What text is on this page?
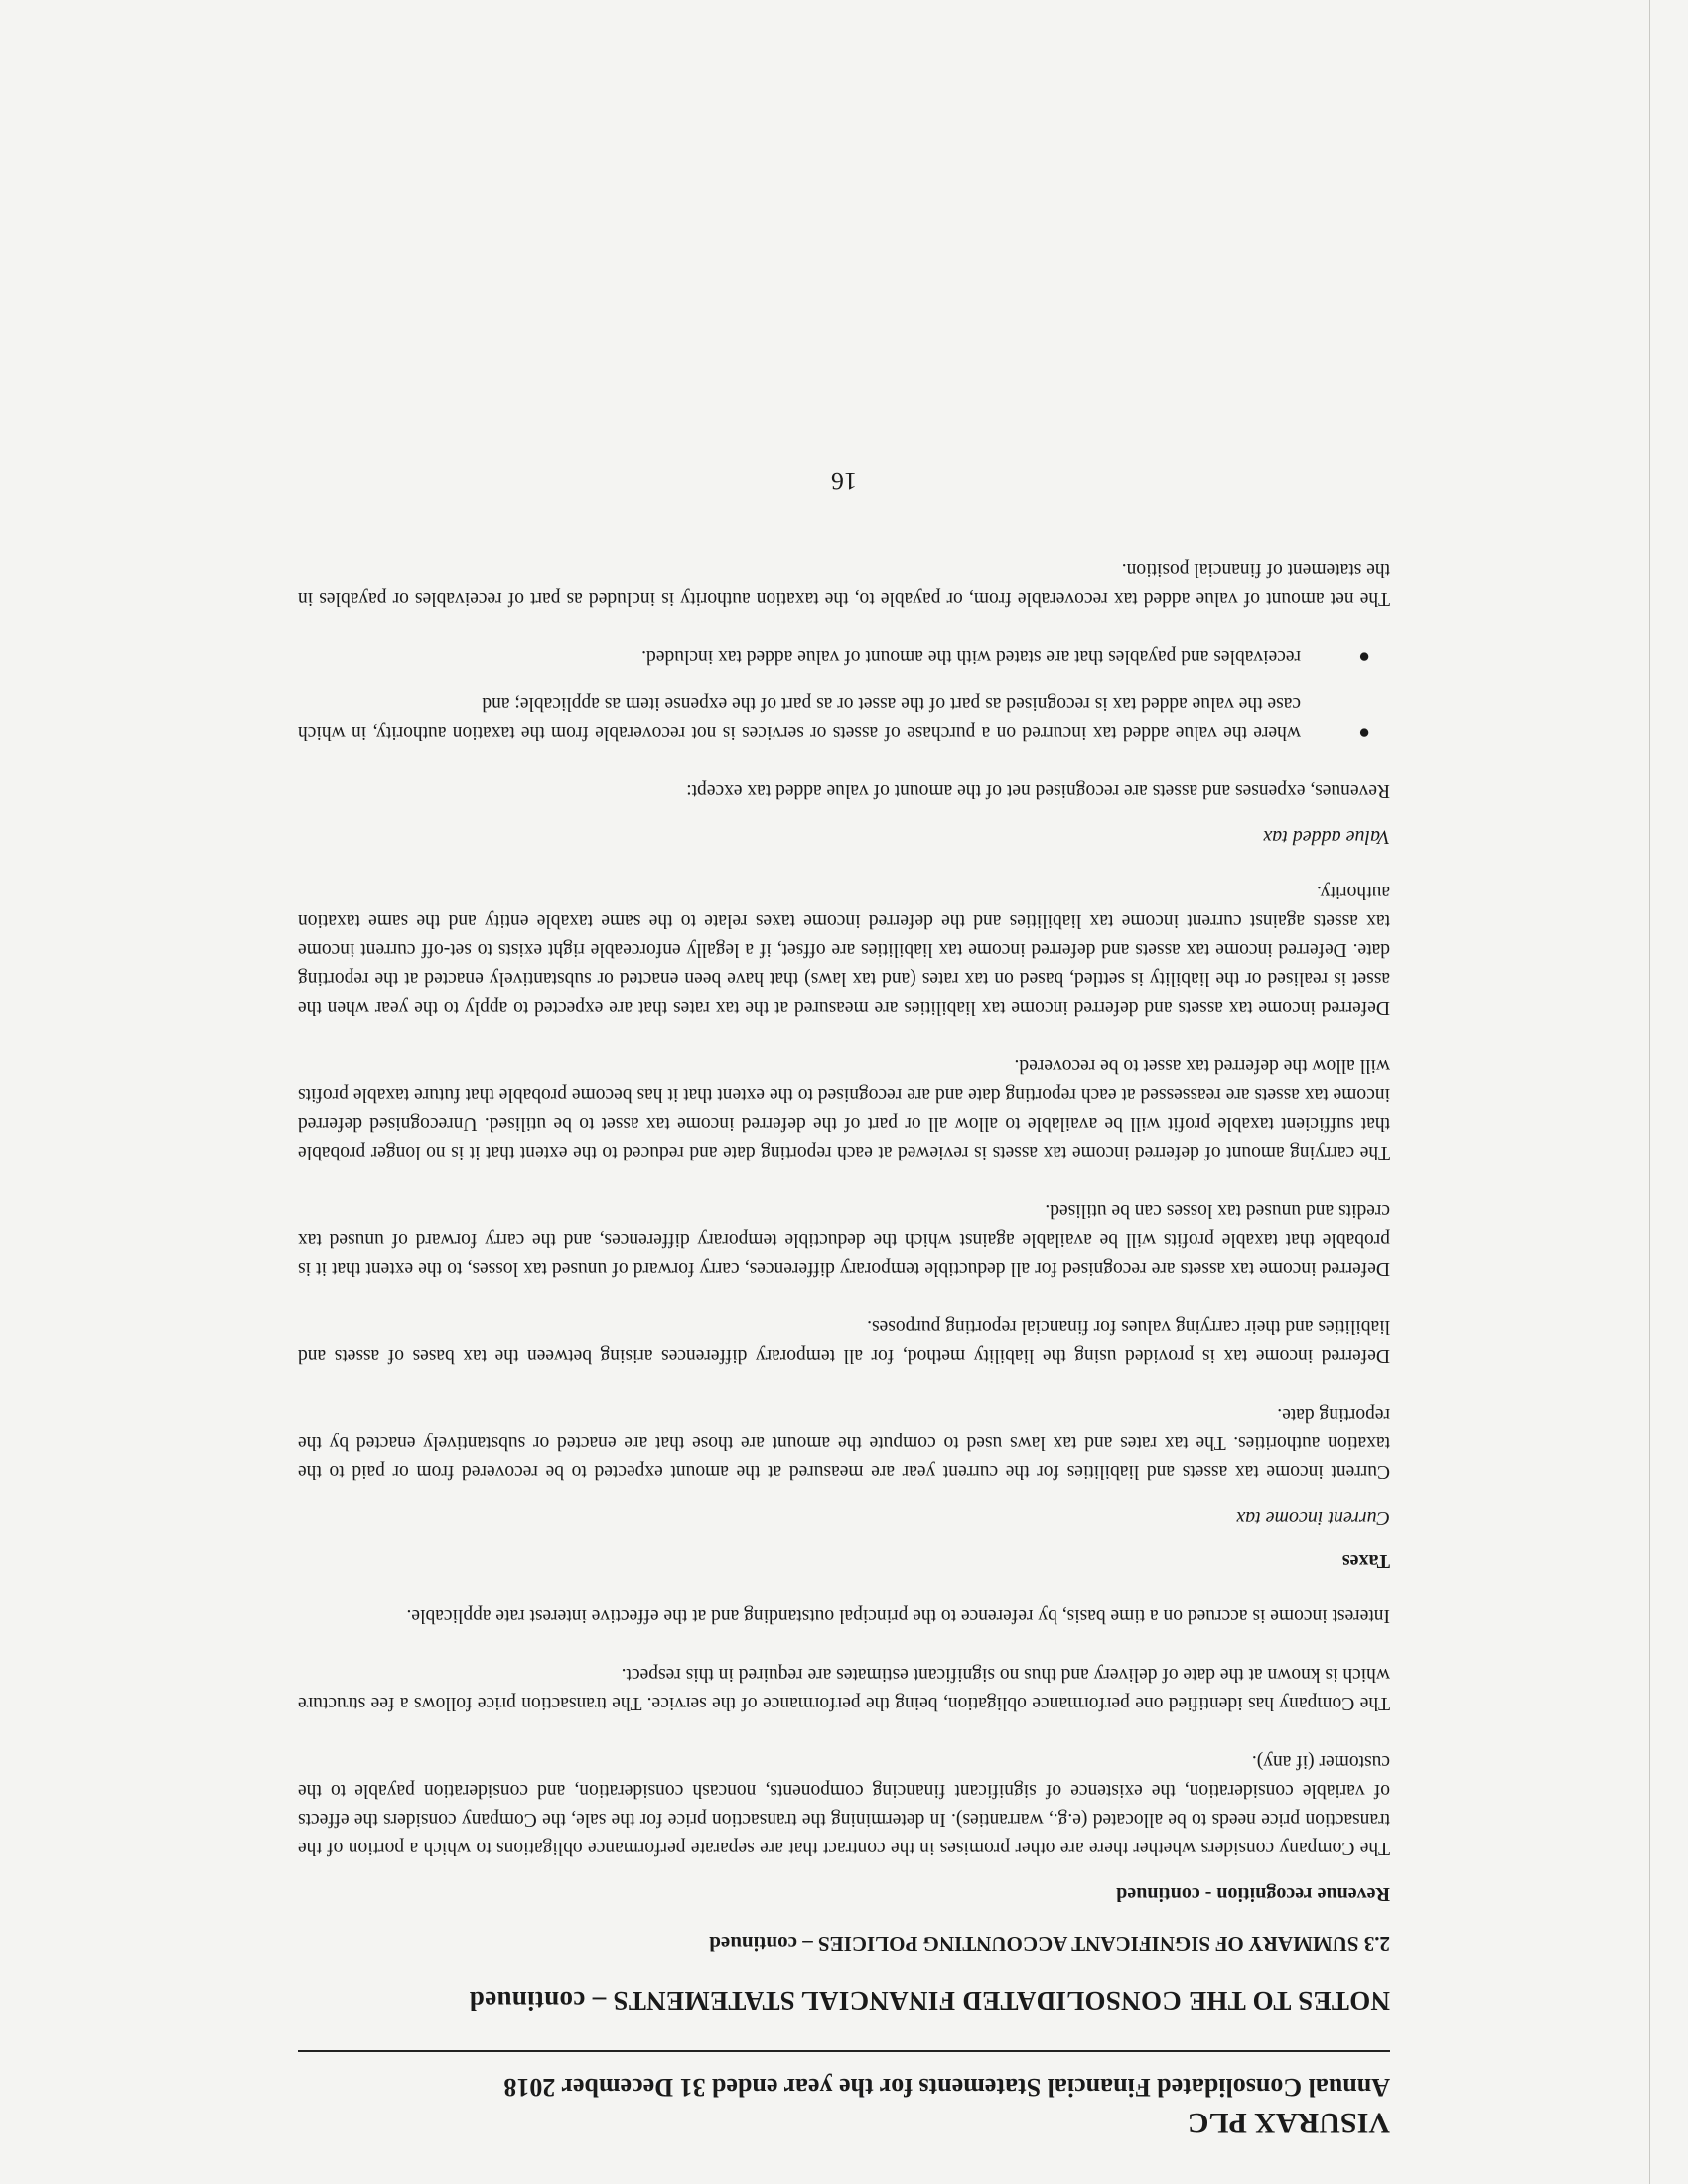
VISURAX PLC
Annual Consolidated Financial Statements for the year ended 31 December 2018
NOTES TO THE CONSOLIDATED FINANCIAL STATEMENTS – continued
2.3 SUMMARY OF SIGNIFICANT ACCOUNTING POLICIES – continued
Revenue recognition - continued

The Company considers whether there are other promises in the contract that are separate performance obligations to which a portion of the transaction price needs to be allocated (e.g., warranties). In determining the transaction price for the sale, the Company considers the effects of variable consideration, the existence of significant financing components, noncash consideration, and consideration payable to the customer (if any).

The Company has identified one performance obligation, being the performance of the service. The transaction price follows a fee structure which is known at the date of delivery and thus no significant estimates are required in this respect.

Interest income is accrued on a time basis, by reference to the principal outstanding and at the effective interest rate applicable.

Taxes
Current income tax

Current income tax assets and liabilities for the current year are measured at the amount expected to be recovered from or paid to the taxation authorities. The tax rates and tax laws used to compute the amount are those that are enacted or substantively enacted by the reporting date.

Deferred income tax is provided using the liability method, for all temporary differences arising between the tax bases of assets and liabilities and their carrying values for financial reporting purposes.

Deferred income tax assets are recognised for all deductible temporary differences, carry forward of unused tax losses, to the extent that it is probable that taxable profits will be available against which the deductible temporary differences, and the carry forward of unused tax credits and unused tax losses can be utilised.

The carrying amount of deferred income tax assets is reviewed at each reporting date and reduced to the extent that it is no longer probable that sufficient taxable profit will be available to allow all or part of the deferred income tax asset to be utilised. Unrecognised deferred income tax assets are reassessed at each reporting date and are recognised to the extent that it has become probable that future taxable profits will allow the deferred tax asset to be recovered.

Deferred income tax assets and deferred income tax liabilities are measured at the tax rates that are expected to apply to the year when the asset is realised or the liability is settled, based on tax rates (and tax laws) that have been enacted or substantively enacted at the reporting date. Deferred income tax assets and deferred income tax liabilities are offset, if a legally enforceable right exists to set-off current income tax assets against current income tax liabilities and the deferred income taxes relate to the same taxable entity and the same taxation authority.

Value added tax

Revenues, expenses and assets are recognised net of the amount of value added tax except:

●
where the value added tax incurred on a purchase of assets or services is not recoverable from the taxation authority, in which case the value added tax is recognised as part of the asset or as part of the expense item as applicable; and
●
receivables and payables that are stated with the amount of value added tax included.

The net amount of value added tax recoverable from, or payable to, the taxation authority is included as part of receivables or payables in the statement of financial position.

16
